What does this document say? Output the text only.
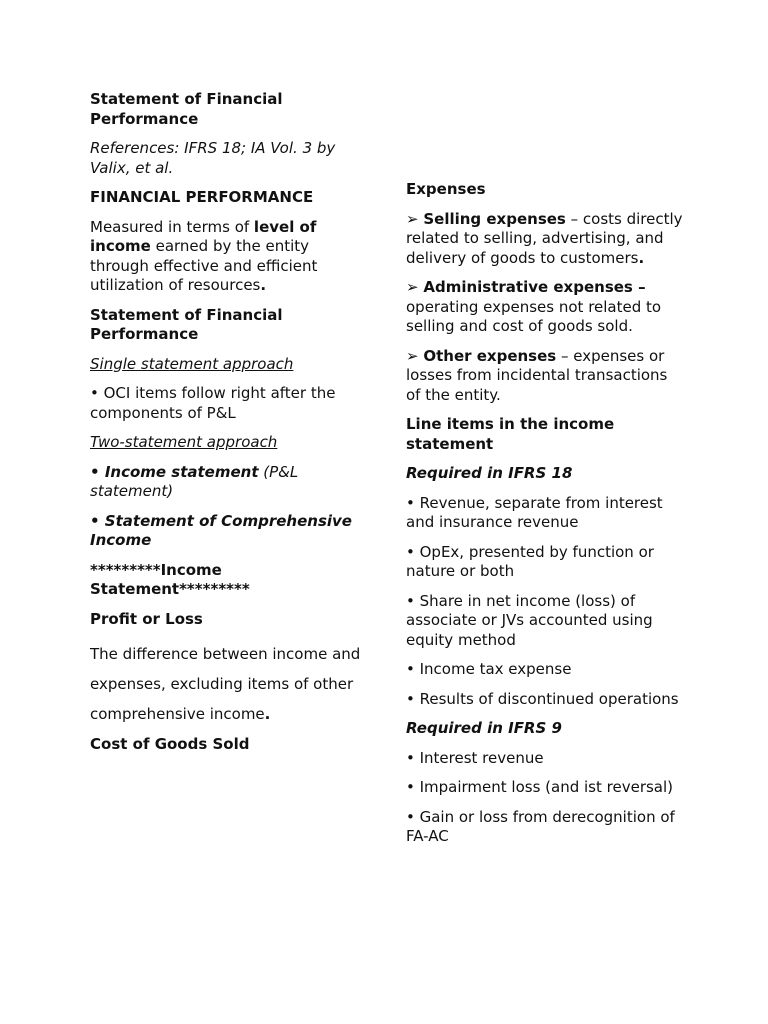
Statement of Financial Performance

References: IFRS 18; IA Vol. 3 by Valix, et al.

FINANCIAL PERFORMANCE

Measured in terms of level of income earned by the entity through effective and efficient utilization of resources.

Statement of Financial Performance

Single statement approach

• OCI items follow right after the components of P&L

Two-statement approach

• Income statement (P&L statement)

• Statement of Comprehensive Income

*********Income Statement*********

Profit or Loss

The difference between income and

expenses, excluding items of other

comprehensive income.

Cost of Goods Sold

Expenses

➢ Selling expenses – costs directly related to selling, advertising, and delivery of goods to customers.

➢ Administrative expenses – operating expenses not related to selling and cost of goods sold.

➢ Other expenses – expenses or losses from incidental transactions of the entity.

Line items in the income statement

Required in IFRS 18

• Revenue, separate from interest and insurance revenue

• OpEx, presented by function or nature or both

• Share in net income (loss) of associate or JVs accounted using equity method

• Income tax expense

• Results of discontinued operations

Required in IFRS 9

• Interest revenue

• Impairment loss (and ist reversal)

• Gain or loss from derecognition of FA-AC
